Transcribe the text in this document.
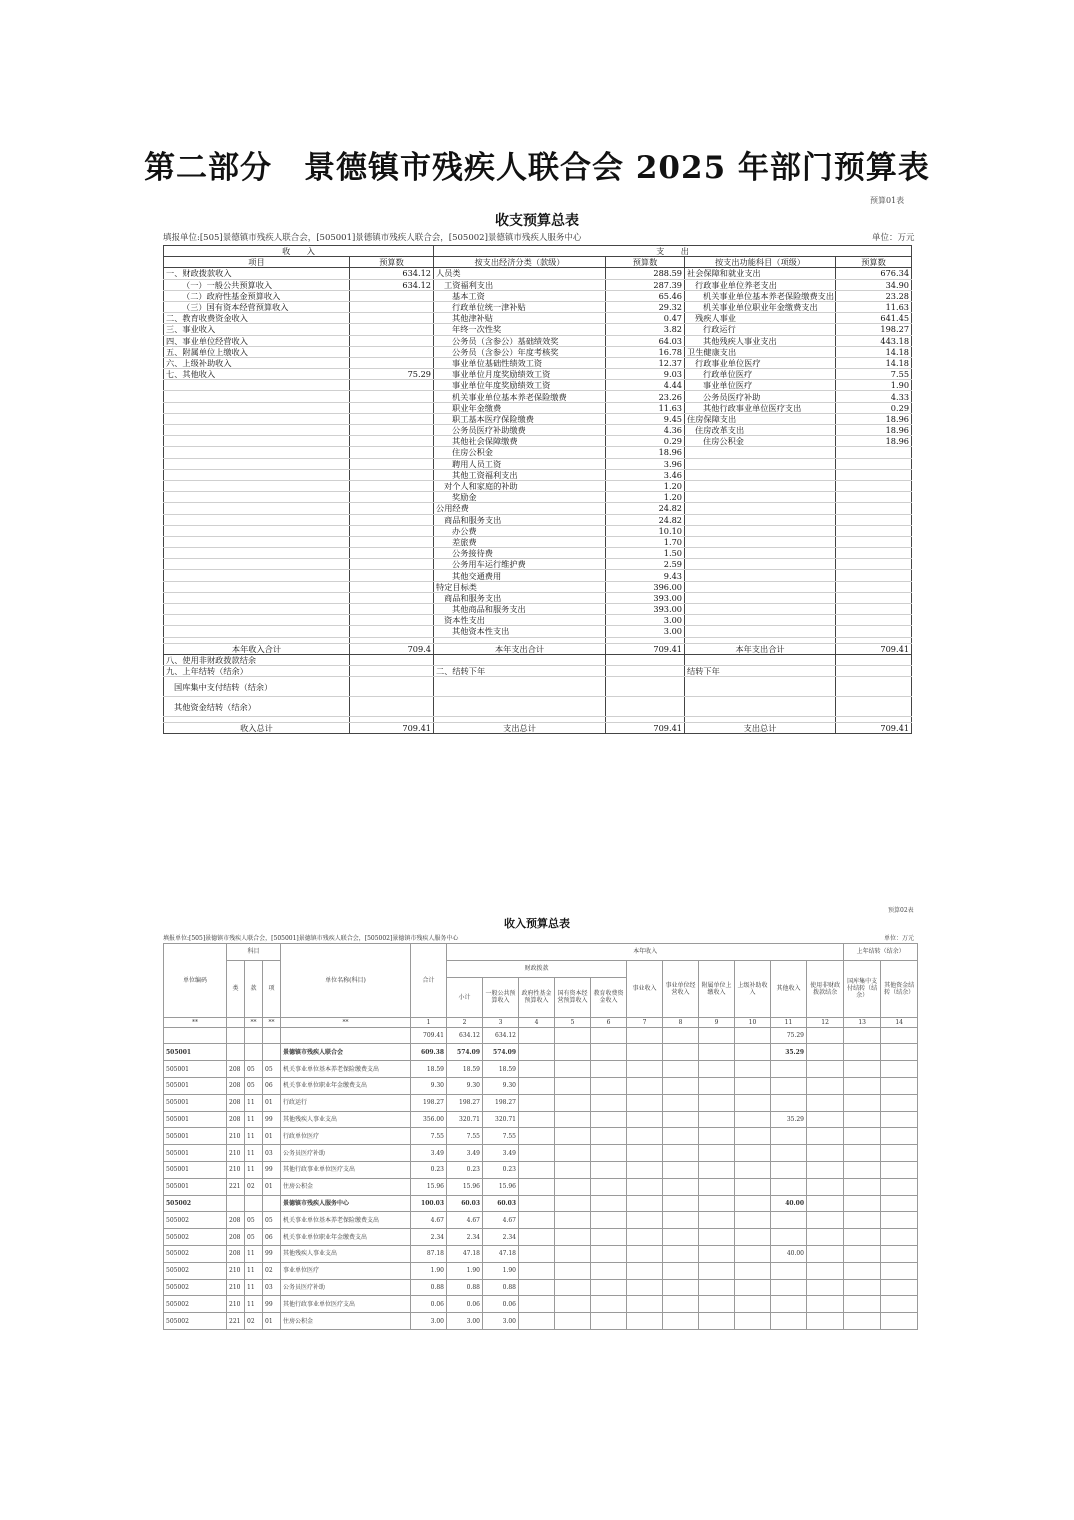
第二部分　景德镇市残疾人联合会 2025 年部门预算表
预算01表
收支预算总表
填报单位:[505]景德镇市残疾人联合会，[505001]景德镇市残疾人联合会，[505002]景德镇市残疾人服务中心	单位：万元
收　　入		支　　出			
项目	预算数	按支出经济分类（款级）	预算数	按支出功能科目（项级）	预算数
一、财政拨款收入	634.12	人员类	288.59	社会保障和就业支出	676.34
（一）一般公共预算收入	634.12	工资福利支出	287.39	行政事业单位养老支出	34.90
（二）政府性基金预算收入		基本工资	65.46	机关事业单位基本养老保险缴费支出	23.28
（三）国有资本经营预算收入		行政单位统一津补贴	29.32	机关事业单位职业年金缴费支出	11.63
二、教育收费资金收入		其他津补贴	0.47	残疾人事业	641.45
三、事业收入		年终一次性奖	3.82	行政运行	198.27
四、事业单位经营收入		公务员（含参公）基础绩效奖	64.03	其他残疾人事业支出	443.18
五、附属单位上缴收入		公务员（含参公）年度考核奖	16.78	卫生健康支出	14.18
六、上级补助收入		事业单位基础性绩效工资	12.37	行政事业单位医疗	14.18
七、其他收入	75.29	事业单位月度奖励绩效工资	9.03	行政单位医疗	7.55
		事业单位年度奖励绩效工资	4.44	事业单位医疗	1.90
		机关事业单位基本养老保险缴费	23.26	公务员医疗补助	4.33
		职业年金缴费	11.63	其他行政事业单位医疗支出	0.29
		职工基本医疗保险缴费	9.45	住房保障支出	18.96
		公务员医疗补助缴费	4.36	住房改革支出	18.96
		其他社会保障缴费	0.29	住房公积金	18.96
		住房公积金	18.96		
		聘用人员工资	3.96		
		其他工资福利支出	3.46		
		对个人和家庭的补助	1.20		
		奖励金	1.20		
		公用经费	24.82		
		商品和服务支出	24.82		
		办公费	10.10		
		差旅费	1.70		
		公务接待费	1.50		
		公务用车运行维护费	2.59		
		其他交通费用	9.43		
		特定目标类	396.00		
		商品和服务支出	393.00		
		其他商品和服务支出	393.00		
		资本性支出	3.00		
		其他资本性支出	3.00		

本年收入合计	709.4	本年支出合计	709.41	本年支出合计	709.41
八、使用非财政拨款结余					
九、上年结转（结余）		二、结转下年		结转下年	
国库集中支付结转（结余）					
其他资金结转（结余）					

收入总计	709.41	支出总计	709.41	支出总计	709.41
预算02表
收入预算总表
填报单位:[505]景德镇市残疾人联合会，[505001]景德镇市残疾人联合会，[505002]景德镇市残疾人服务中心	单位：万元
单位编码	科目			单位名称(科目)	合计	本年收入											上年结转（结余）	
	类	款	项			财政拨款					事业收入	事业单位经营收入	附属单位上缴收入	上级补助收入	其他收入	使用非财政拨款结余	国库集中支付结转（结余）	其他资金结转（结余）
						小计	一般公共预算收入	政府性基金预算收入	国有资本经营预算收入	教育收费资金收入								
**		**	**	**	1	2	3	4	5	6	7	8	9	10	11	12	13	14
					709.41	634.12	634.12								75.29			
505001				景德镇市残疾人联合会	609.38	574.09	574.09								35.29			
505001	208	05	05	机关事业单位基本养老保险缴费支出	18.59	18.59	18.59											
505001	208	05	06	机关事业单位职业年金缴费支出	9.30	9.30	9.30											
505001	208	11	01	行政运行	198.27	198.27	198.27											
505001	208	11	99	其他残疾人事业支出	356.00	320.71	320.71								35.29			
505001	210	11	01	行政单位医疗	7.55	7.55	7.55											
505001	210	11	03	公务员医疗补助	3.49	3.49	3.49											
505001	210	11	99	其他行政事业单位医疗支出	0.23	0.23	0.23											
505001	221	02	01	住房公积金	15.96	15.96	15.96											
505002				景德镇市残疾人服务中心	100.03	60.03	60.03								40.00			
505002	208	05	05	机关事业单位基本养老保险缴费支出	4.67	4.67	4.67											
505002	208	05	06	机关事业单位职业年金缴费支出	2.34	2.34	2.34											
505002	208	11	99	其他残疾人事业支出	87.18	47.18	47.18								40.00			
505002	210	11	02	事业单位医疗	1.90	1.90	1.90											
505002	210	11	03	公务员医疗补助	0.88	0.88	0.88											
505002	210	11	99	其他行政事业单位医疗支出	0.06	0.06	0.06											
505002	221	02	01	住房公积金	3.00	3.00	3.00											
